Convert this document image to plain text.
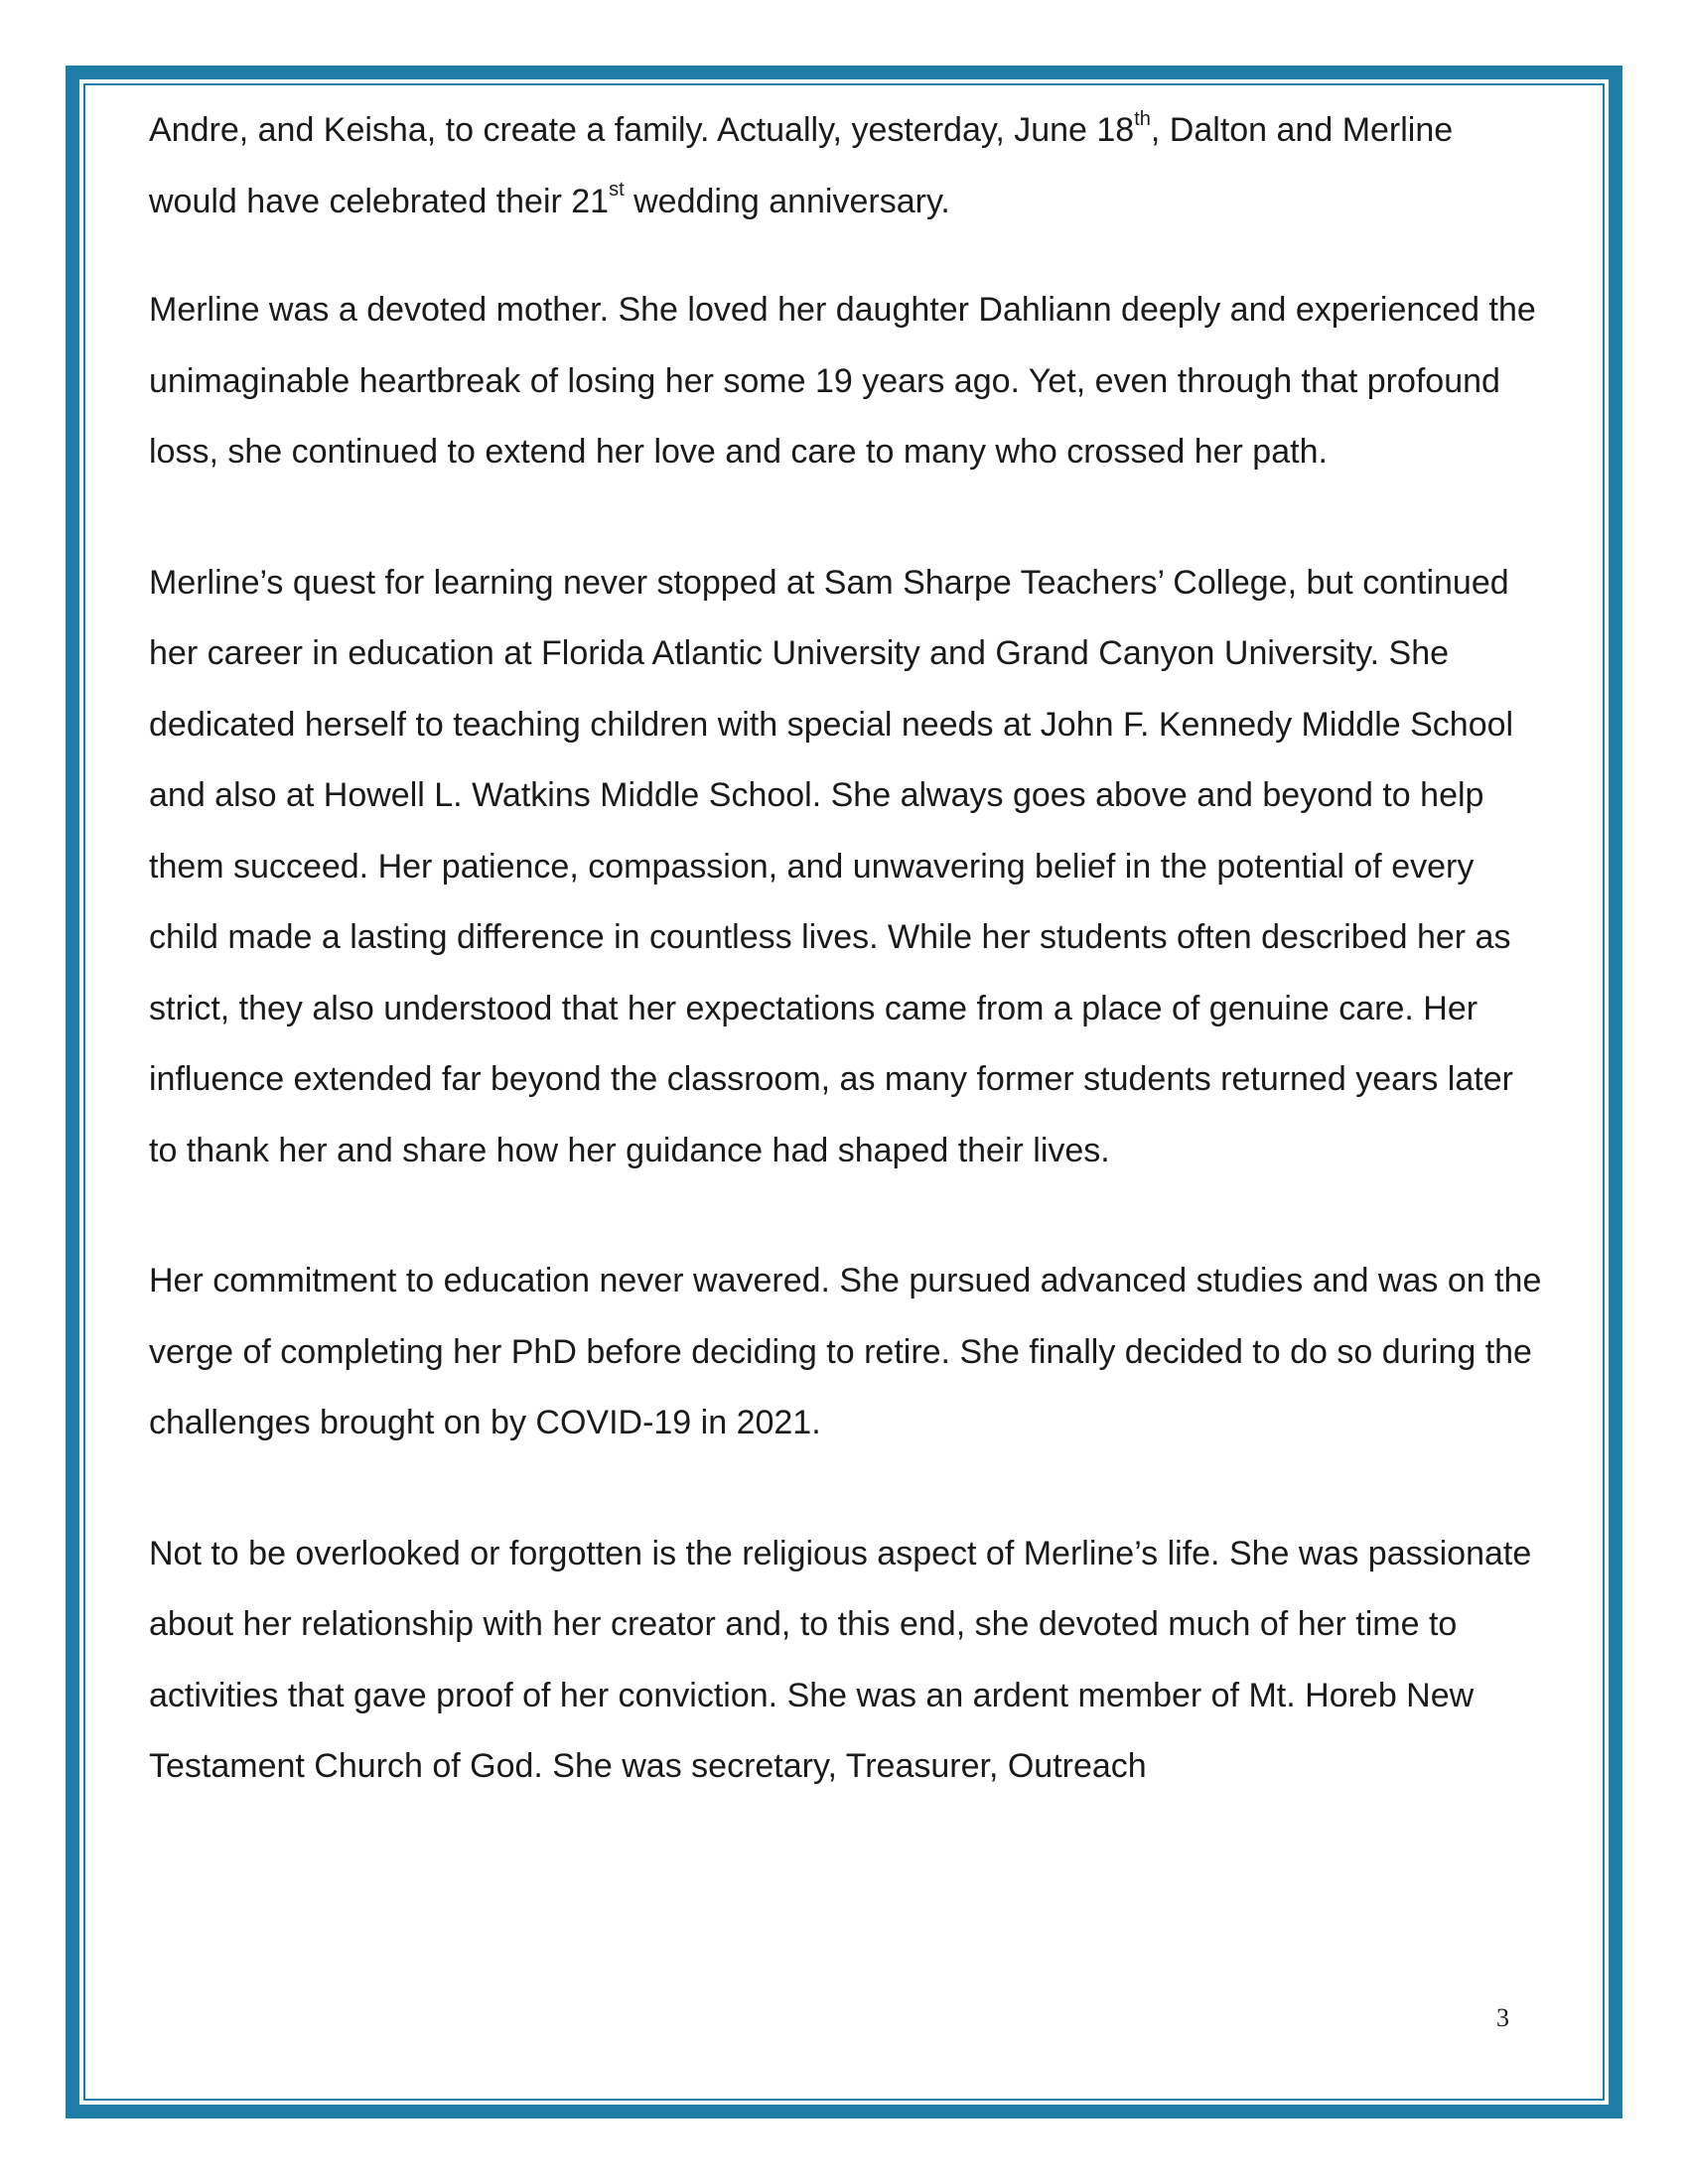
Andre, and Keisha, to create a family. Actually, yesterday, June 18th, Dalton and Merline would have celebrated their 21st wedding anniversary.

Merline was a devoted mother. She loved her daughter Dahliann deeply and experienced the unimaginable heartbreak of losing her some 19 years ago. Yet, even through that profound loss, she continued to extend her love and care to many who crossed her path.

Merline’s quest for learning never stopped at Sam Sharpe Teachers’ College, but continued her career in education at Florida Atlantic University and Grand Canyon University. She dedicated herself to teaching children with special needs at John F. Kennedy Middle School and also at Howell L. Watkins Middle School. She always goes above and beyond to help them succeed. Her patience, compassion, and unwavering belief in the potential of every child made a lasting difference in countless lives. While her students often described her as strict, they also understood that her expectations came from a place of genuine care. Her influence extended far beyond the classroom, as many former students returned years later to thank her and share how her guidance had shaped their lives.

Her commitment to education never wavered. She pursued advanced studies and was on the verge of completing her PhD before deciding to retire. She finally decided to do so during the challenges brought on by COVID-19 in 2021.

Not to be overlooked or forgotten is the religious aspect of Merline’s life. She was passionate about her relationship with her creator and, to this end, she devoted much of her time to activities that gave proof of her conviction. She was an ardent member of Mt. Horeb New Testament Church of God. She was secretary, Treasurer, Outreach

3
